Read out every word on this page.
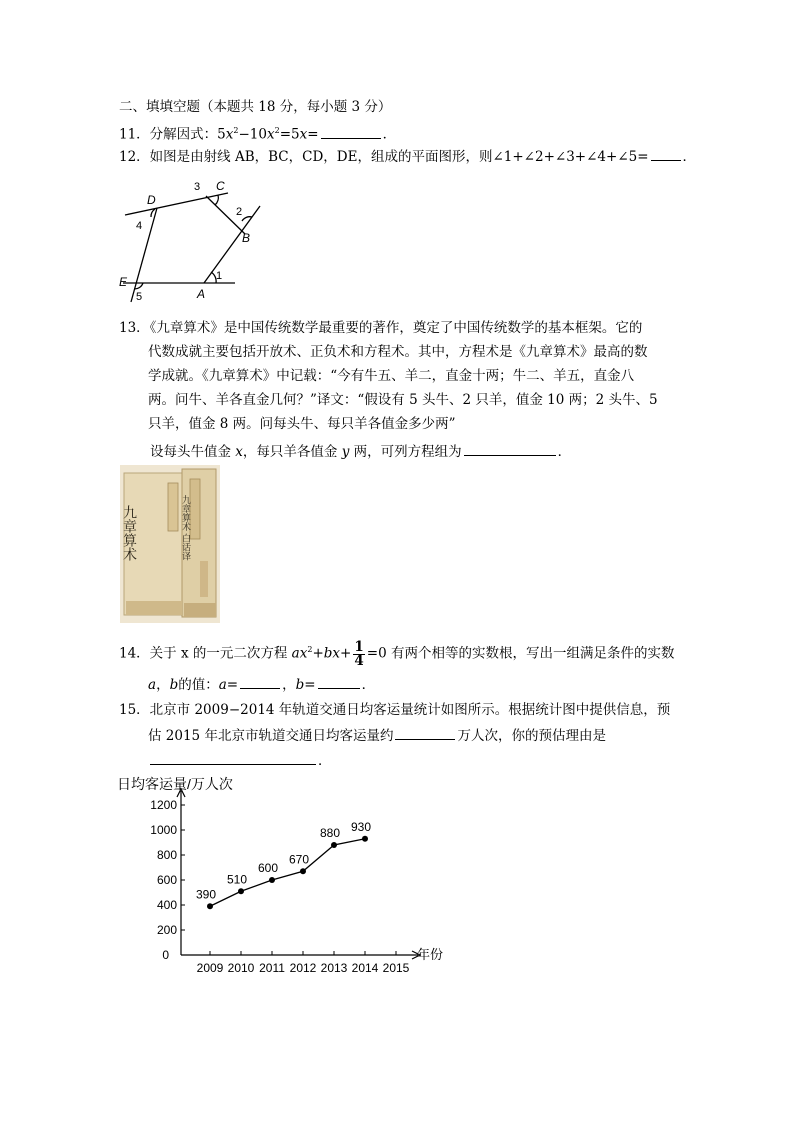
二、填填空题（本题共 18 分，每小题 3 分）
11．分解因式：$5x^2-10x^2=5x=$	．
12．如图是由射线 AB，BC，CD，DE，组成的平面图形，则∠1+∠2+∠3+∠4+∠5=	．
D
C
B
A
E	1
2
3
4
5
13．《九章算术》是中国传统数学最重要的著作，奠定了中国传统数学的基本框架。它的
代数成就主要包括开放术、正负术和方程术。其中，方程术是《九章算术》最高的数
学成就。《九章算术》中记载：“今有牛五、羊二，直金十两；牛二、羊五，直金八
两。问牛、羊各直金几何？”译文：“假设有 5 头牛、2 只羊，值金 10 两；2 头牛、5
只羊，值金 8 两。问每头牛、每只羊各值金多少两”
设每头牛值金 x，每只羊各值金 y 两，可列方程组为	．
九章算术	九章算术 白话译
14．关于 x 的一元二次方程 $ax^2+bx+ \frac{1}{4} =0$ 有两个相等的实数根，写出一组满足条件的实数
a，b的值：a=	，b=	．
15．北京市 2009−2014 年轨道交通日均客运量统计如图所示。根据统计图中提供信息，预
估 2015 年北京市轨道交通日均客运量约	万人次，你的预估理由是
．
日均客运量/万人次
年份
0
200
400
600
800
1000
1200
2009 2010 2011 2012 2013 2014 2015
390
510
600
670
880 930
